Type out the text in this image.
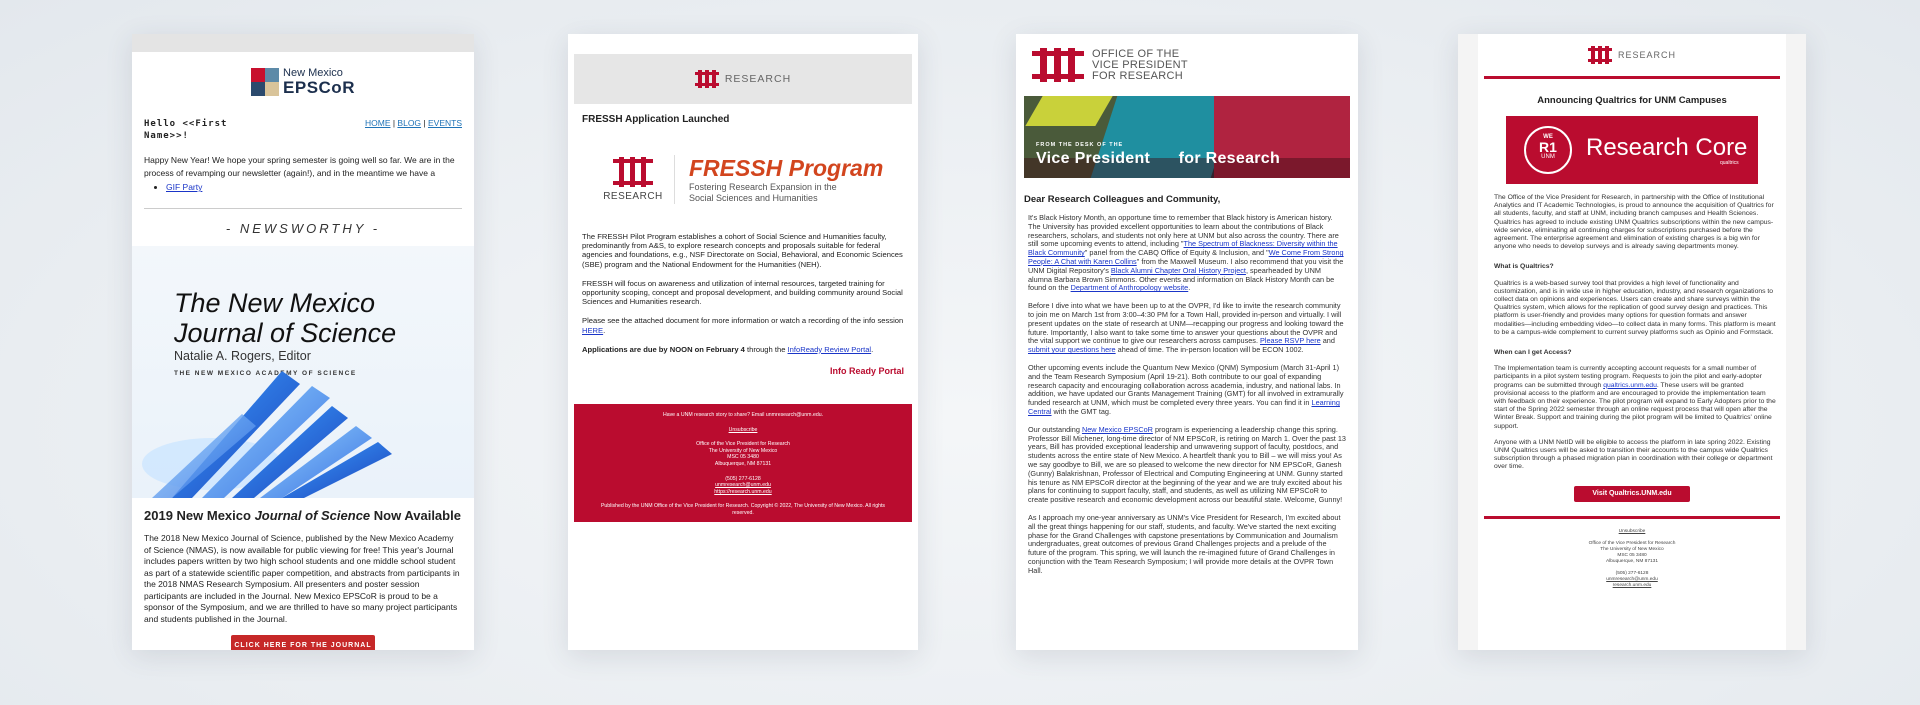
New Mexico
EPSCoR
Hello <<First Name>>!
HOME | BLOG | EVENTS
Happy New Year! We hope your spring semester is going well so far. We are in the process of revamping our newsletter (again!), and in the meantime we have a
• GIF Party
- NEWSWORTHY -
The New Mexico
Journal of Science
Natalie A. Rogers, Editor
THE NEW MEXICO ACADEMY OF SCIENCE
2019 New Mexico Journal of Science Now Available
The 2018 New Mexico Journal of Science, published by the New Mexico Academy of Science (NMAS), is now available for public viewing for free! This year's Journal includes papers written by two high school students and one middle school student as part of a statewide scientific paper competition, and abstracts from participants in the 2018 NMAS Research Symposium. All presenters and poster session participants are included in the Journal. New Mexico EPSCoR is proud to be a sponsor of the Symposium, and we are thrilled to have so many project participants and students published in the Journal.
CLICK HERE FOR THE JOURNAL
RESEARCH
FRESSH Application Launched
RESEARCH
FRESSH Program
Fostering Research Expansion in the
Social Sciences and Humanities

The FRESSH Pilot Program establishes a cohort of Social Science and Humanities faculty, predominantly from A&S, to explore research concepts and proposals suitable for federal agencies and foundations, e.g., NSF Directorate on Social, Behavioral, and Economic Sciences (SBE) program and the National Endowment for the Humanities (NEH).

FRESSH will focus on awareness and utilization of internal resources, targeted training for opportunity scoping, concept and proposal development, and building community around Social Sciences and Humanities research.

Please see the attached document for more information or watch a recording of the info session HERE.

Applications are due by NOON on February 4 through the InfoReady Review Portal.

Info Ready Portal
Have a UNM research story to share? Email unmresearch@unm.edu.
Unsubscribe
Office of the Vice President for Research
The University of New Mexico
MSC 05 3480
Albuquerque, NM 87131
(505) 277-6128
unmresearch@unm.edu
https://research.unm.edu
Published by the UNM Office of the Vice President for Research. Copyright © 2022, The University of New Mexico. All rights reserved.
OFFICE OF THE
VICE PRESIDENT
FOR RESEARCH
FROM THE DESK OF THE
Vice President      for Research
Dear Research Colleagues and Community,

It's Black History Month, an opportune time to remember that Black history is American history. The University has provided excellent opportunities to learn about the contributions of Black researchers, scholars, and students not only here at UNM but also across the country. There are still some upcoming events to attend, including "The Spectrum of Blackness: Diversity within the Black Community" panel from the CABQ Office of Equity & Inclusion, and "We Come From Strong People: A Chat with Karen Collins" from the Maxwell Museum. I also recommend that you visit the UNM Digital Repository's Black Alumni Chapter Oral History Project, spearheaded by UNM alumna Barbara Brown Simmons. Other events and information on Black History Month can be found on the Department of Anthropology website.

Before I dive into what we have been up to at the OVPR, I'd like to invite the research community to join me on March 1st from 3:00–4:30 PM for a Town Hall, provided in-person and virtually. I will present updates on the state of research at UNM—recapping our progress and looking toward the future. Importantly, I also want to take some time to answer your questions about the OVPR and the vital support we continue to give our researchers across campuses. Please RSVP here and submit your questions here ahead of time. The in-person location will be ECON 1002.

Other upcoming events include the Quantum New Mexico (QNM) Symposium (March 31-April 1) and the Team Research Symposium (April 19-21). Both contribute to our goal of expanding research capacity and encouraging collaboration across academia, industry, and national labs. In addition, we have updated our Grants Management Training (GMT) for all involved in extramurally funded research at UNM, which must be completed every three years. You can find it in Learning Central with the GMT tag.

Our outstanding New Mexico EPSCoR program is experiencing a leadership change this spring. Professor Bill Michener, long-time director of NM EPSCoR, is retiring on March 1. Over the past 13 years, Bill has provided exceptional leadership and unwavering support of faculty, postdocs, and students across the entire state of New Mexico. A heartfelt thank you to Bill – we will miss you! As we say goodbye to Bill, we are so pleased to welcome the new director for NM EPSCoR, Ganesh (Gunny) Balakrishnan, Professor of Electrical and Computing Engineering at UNM. Gunny started his tenure as NM EPSCoR director at the beginning of the year and we are truly excited about his plans for continuing to support faculty, staff, and students, as well as utilizing NM EPSCoR to create positive research and economic development across our beautiful state. Welcome, Gunny!

As I approach my one-year anniversary as UNM's Vice President for Research, I'm excited about all the great things happening for our staff, students, and faculty. We've started the next exciting phase for the Grand Challenges with capstone presentations by Communication and Journalism undergraduates, great outcomes of previous Grand Challenges projects and a prelude of the future of the program. This spring, we will launch the re-imagined future of Grand Challenges in conjunction with the Team Research Symposium; I will provide more details at the OVPR Town Hall.

RESEARCH
Announcing Qualtrics for UNM Campuses
WE
R1
UNM	Research Core
qualtrics

The Office of the Vice President for Research, in partnership with the Office of Institutional Analytics and IT Academic Technologies, is proud to announce the acquisition of Qualtrics for all students, faculty, and staff at UNM, including branch campuses and Health Sciences. Qualtrics has agreed to include existing UNM Qualtrics subscriptions within the new campus-wide service, eliminating all continuing charges for subscriptions purchased before the agreement. The enterprise agreement and elimination of existing charges is a big win for anyone who needs to develop surveys and is already saving departments money.

What is Qualtrics?

Qualtrics is a web-based survey tool that provides a high level of functionality and customization, and is in wide use in higher education, industry, and research organizations to collect data on opinions and experiences. Users can create and share surveys within the Qualtrics system, which allows for the replication of good survey design and practices. This platform is user-friendly and provides many options for question formats and answer modalities—including embedding video—to collect data in many forms. This platform is meant to be a campus-wide complement to current survey platforms such as Opinio and Formstack.

When can I get Access?

The Implementation team is currently accepting account requests for a small number of participants in a pilot system testing program. Requests to join the pilot and early-adopter programs can be submitted through qualtrics.unm.edu. These users will be granted provisional access to the platform and are encouraged to provide the implementation team with feedback on their experience. The pilot program will expand to Early Adopters prior to the start of the Spring 2022 semester through an online request process that will open after the Winter Break. Support and training during the pilot program will be limited to Qualtrics' online support.

Anyone with a UNM NetID will be eligible to access the platform in late spring 2022. Existing UNM Qualtrics users will be asked to transition their accounts to the campus wide Qualtrics subscription through a phased migration plan in coordination with their college or department over time.

Visit Qualtrics.UNM.edu
Unsubscribe
Office of the Vice President for Research
The University of New Mexico
MSC 05 3480
Albuquerque, NM 87131
(505) 277-6128
unmresearch@unm.edu
research.unm.edu
